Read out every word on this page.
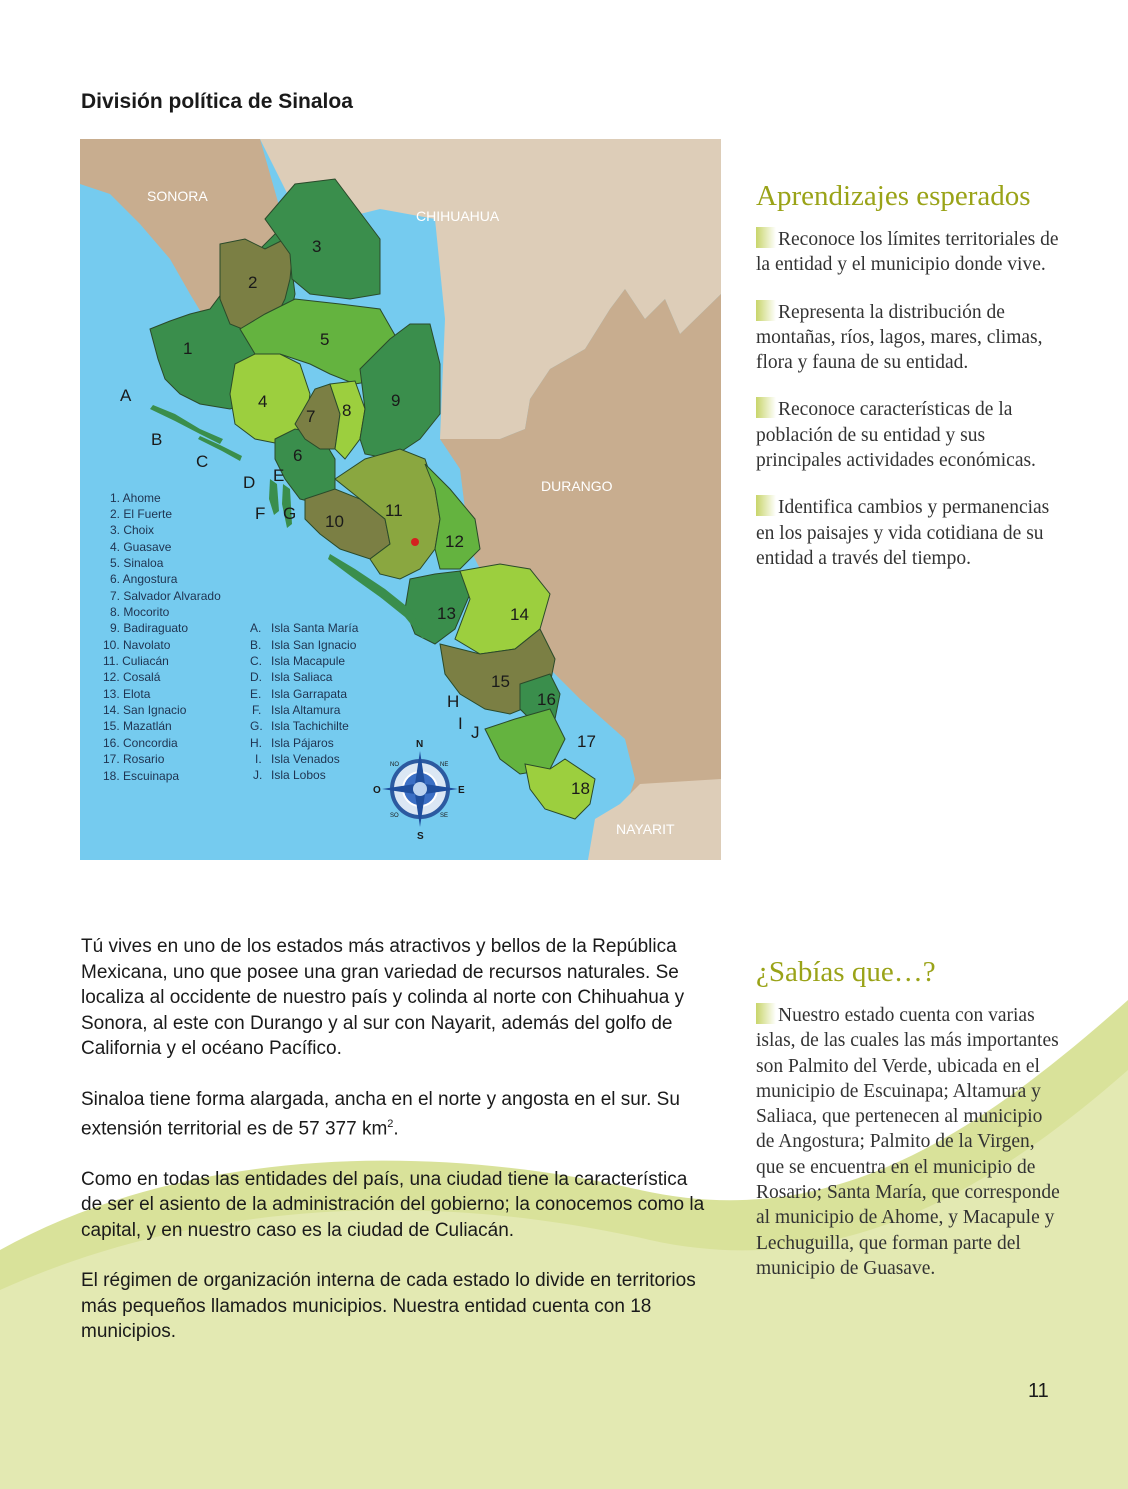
División política de Sinaloa
SONORA
CHIHUAHUA
DURANGO
NAYARIT
1
2
3
4
5
6
7 8
9
10
11
12
13	14
15
16
17
18
A
B
C
D E
F G
H
I J
1. Ahome
2. El Fuerte
3. Choix
4. Guasave
5. Sinaloa
6. Angostura
7. Salvador Alvarado
8. Mocorito
9. Badiraguato
10. Navolato
11. Culiacán
12. Cosalá
13. Elota
14. San Ignacio
15. Mazatlán
16. Concordia
17. Rosario
18. Escuinapa
A. Isla Santa María
B. Isla San Ignacio
C. Isla Macapule
D. Isla Saliaca
E. Isla Garrapata
F. Isla Altamura
G. Isla Tachichilte
H. Isla Pájaros
I. Isla Venados
J. Isla Lobos
N
S
E
O
NE
NO
SE
SO
Aprendizajes esperados

Reconoce los límites territoriales de la entidad y el municipio donde vive.

Representa la distribución de montañas, ríos, lagos, mares, climas, flora y fauna de su entidad.

Reconoce características de la población de su entidad y sus principales actividades económicas.

Identifica cambios y permanencias en los paisajes y vida cotidiana de su entidad a través del tiempo.

¿Sabías que…?

Nuestro estado cuenta con varias islas, de las cuales las más importantes son Palmito del Verde, ubicada en el municipio de Escuinapa; Altamura y Saliaca, que pertenecen al municipio de Angostura; Palmito de la Virgen, que se encuentra en el municipio de Rosario; Santa María, que corresponde al municipio de Ahome, y Macapule y Lechuguilla, que forman parte del municipio de Guasave.

Tú vives en uno de los estados más atractivos y bellos de la República Mexicana, uno que posee una gran variedad de recursos naturales. Se localiza al occidente de nuestro país y colinda al norte con Chihuahua y Sonora, al este con Durango y al sur con Nayarit, además del golfo de California y el océano Pacífico.

Sinaloa tiene forma alargada, ancha en el norte y angosta en el sur. Su extensión territorial es de 57 377 $km^2$.

Como en todas las entidades del país, una ciudad tiene la característica de ser el asiento de la administración del gobierno; la conocemos como la capital, y en nuestro caso es la ciudad de Culiacán.

El régimen de organización interna de cada estado lo divide en territorios más pequeños llamados municipios. Nuestra entidad cuenta con 18 municipios.

11
